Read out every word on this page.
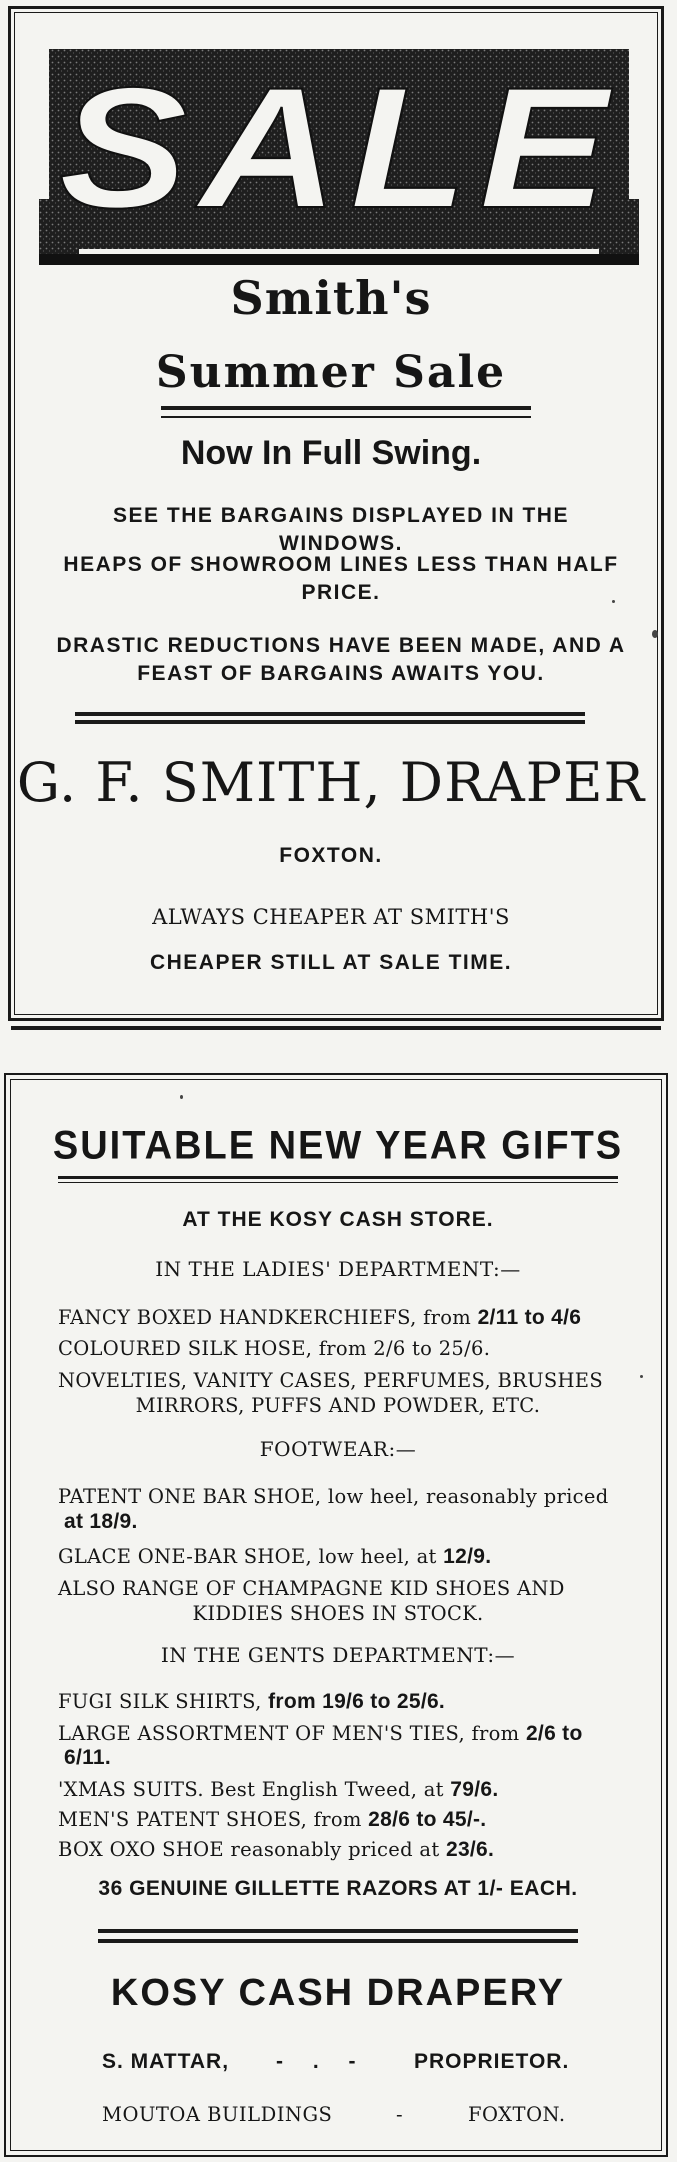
SALE
Smith's
Summer Sale
Now In Full Swing.
SEE THE BARGAINS DISPLAYED IN THE WINDOWS.
HEAPS OF SHOWROOM LINES LESS THAN HALF PRICE.
DRASTIC REDUCTIONS HAVE BEEN MADE, AND A FEAST OF BARGAINS AWAITS YOU.
G. F. SMITH, DRAPER
FOXTON.
ALWAYS CHEAPER AT SMITH'S
CHEAPER STILL AT SALE TIME.
SUITABLE NEW YEAR GIFTS
AT THE KOSY CASH STORE.
IN THE LADIES' DEPARTMENT:—
FANCY BOXED HANDKERCHIEFS, from 2/11 to 4/6
COLOURED SILK HOSE, from 2/6 to 25/6.
NOVELTIES, VANITY CASES, PERFUMES, BRUSHES
MIRRORS, PUFFS AND POWDER, ETC.
FOOTWEAR:—
PATENT ONE BAR SHOE, low heel, reasonably priced
at 18/9.
GLACE ONE-BAR SHOE, low heel, at 12/9.
ALSO RANGE OF CHAMPAGNE KID SHOES AND
KIDDIES SHOES IN STOCK.
IN THE GENTS DEPARTMENT:—
FUGI SILK SHIRTS, from 19/6 to 25/6.
LARGE ASSORTMENT OF MEN'S TIES, from 2/6 to
6/11.
'XMAS SUITS. Best English Tweed, at 79/6.
MEN'S PATENT SHOES, from 28/6 to 45/-.
BOX OXO SHOE reasonably priced at 23/6.
36 GENUINE GILLETTE RAZORS AT 1/- EACH.
KOSY CASH DRAPERY
S. MATTAR, - . - PROPRIETOR.
MOUTOA BUILDINGS	-	FOXTON.
